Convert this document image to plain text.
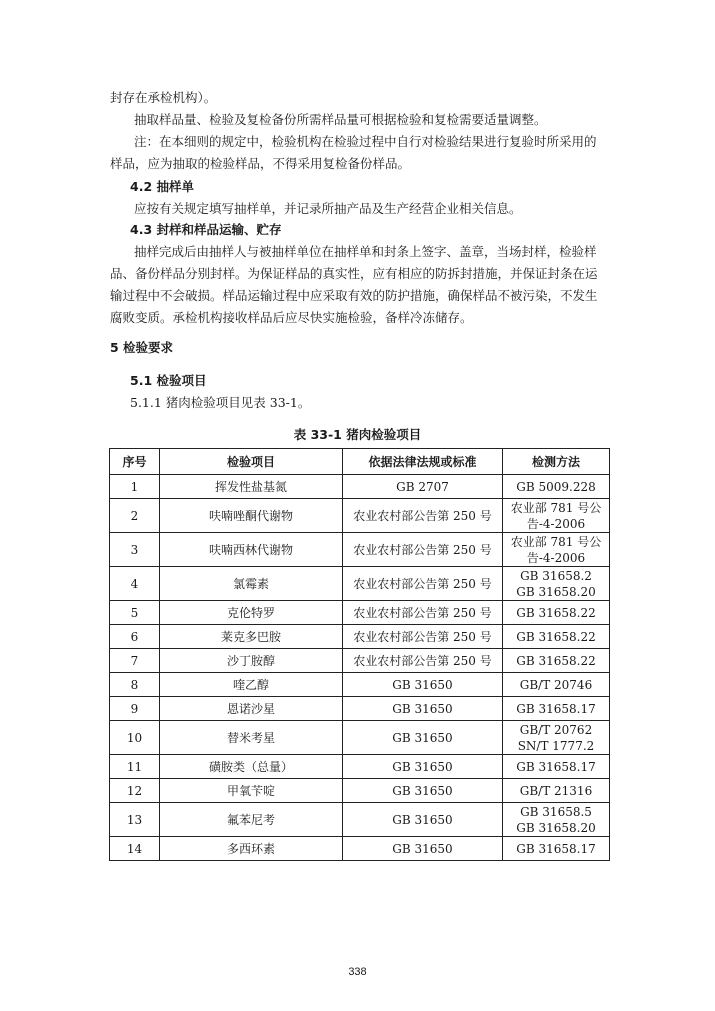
封存在承检机构）。
抽取样品量、检验及复检备份所需样品量可根据检验和复检需要适量调整。

注：在本细则的规定中，检验机构在检验过程中自行对检验结果进行复验时所采用的样品，应为抽取的检验样品，不得采用复检备份样品。

4.2 抽样单
应按有关规定填写抽样单，并记录所抽产品及生产经营企业相关信息。
4.3 封样和样品运输、贮存

抽样完成后由抽样人与被抽样单位在抽样单和封条上签字、盖章，当场封样，检验样品、备份样品分别封样。为保证样品的真实性，应有相应的防拆封措施，并保证封条在运输过程中不会破损。样品运输过程中应采取有效的防护措施，确保样品不被污染，不发生腐败变质。承检机构接收样品后应尽快实施检验，备样冷冻储存。

5 检验要求
5.1 检验项目
5.1.1 猪肉检验项目见表 33-1。
表 33-1 猪肉检验项目
序号	检验项目	依据法律法规或标准	检测方法
1	挥发性盐基氮	GB 2707	GB 5009.228

2	呋喃唑酮代谢物	农业农村部公告第 250 号	农业部 781 号公
告-4-2006

3	呋喃西林代谢物	农业农村部公告第 250 号	农业部 781 号公
告-4-2006

4	氯霉素	农业农村部公告第 250 号	GB 31658.2
GB 31658.20

5	克伦特罗	农业农村部公告第 250 号	GB 31658.22

6	莱克多巴胺	农业农村部公告第 250 号	GB 31658.22

7	沙丁胺醇	农业农村部公告第 250 号	GB 31658.22

8	喹乙醇	GB 31650	GB/T 20746

9	恩诺沙星	GB 31650	GB 31658.17

10	替米考星	GB 31650	GB/T 20762
SN/T 1777.2

11	磺胺类（总量）	GB 31650	GB 31658.17

12	甲氧苄啶	GB 31650	GB/T 21316

13	氟苯尼考	GB 31650	GB 31658.5
GB 31658.20

14	多西环素	GB 31650	GB 31658.17
338
